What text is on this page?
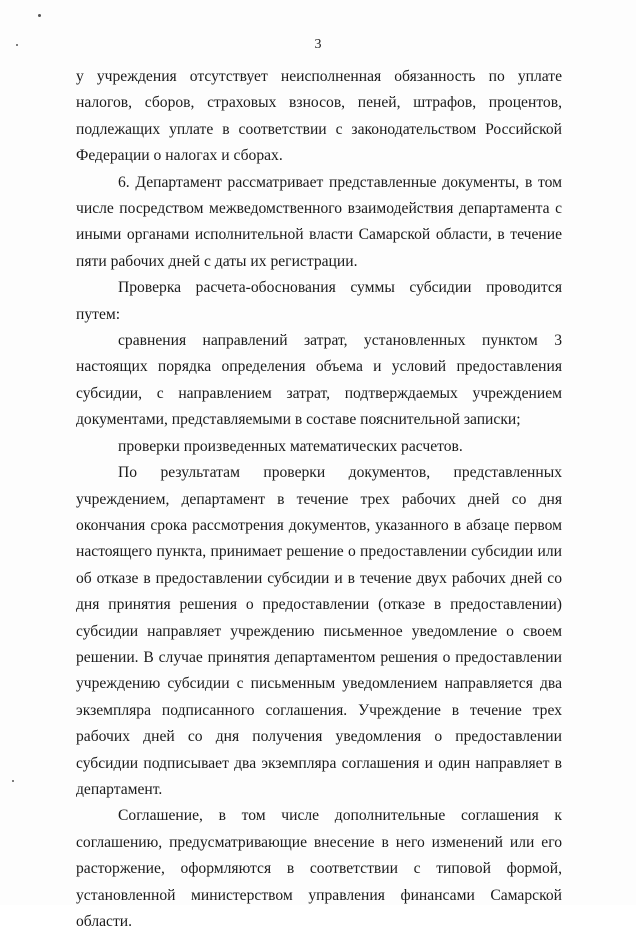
3

у учреждения отсутствует неисполненная обязанность по уплате налогов, сборов, страховых взносов, пеней, штрафов, процентов, подлежащих уплате в соответствии с законодательством Российской Федерации о налогах и сборах.

6. Департамент рассматривает представленные документы, в том числе посредством межведомственного взаимодействия департамента с иными органами исполнительной власти Самарской области, в течение пяти рабочих дней с даты их регистрации.

Проверка расчета-обоснования суммы субсидии проводится путем:

сравнения направлений затрат, установленных пунктом 3 настоящих порядка определения объема и условий предоставления субсидии, с направлением затрат, подтверждаемых учреждением документами, представляемыми в составе пояснительной записки;

проверки произведенных математических расчетов.

По результатам проверки документов, представленных учреждением, департамент в течение трех рабочих дней со дня окончания срока рассмотрения документов, указанного в абзаце первом настоящего пункта, принимает решение о предоставлении субсидии или об отказе в предоставлении субсидии и в течение двух рабочих дней со дня принятия решения о предоставлении (отказе в предоставлении) субсидии направляет учреждению письменное уведомление о своем решении. В случае принятия департаментом решения о предоставлении учреждению субсидии с письменным уведомлением направляется два экземпляра подписанного соглашения. Учреждение в течение трех рабочих дней со дня получения уведомления о предоставлении субсидии подписывает два экземпляра соглашения и один направляет в департамент.

Соглашение, в том числе дополнительные соглашения к соглашению, предусматривающие внесение в него изменений или его расторжение, оформляются в соответствии с типовой формой, установленной министерством управления финансами Самарской области.
